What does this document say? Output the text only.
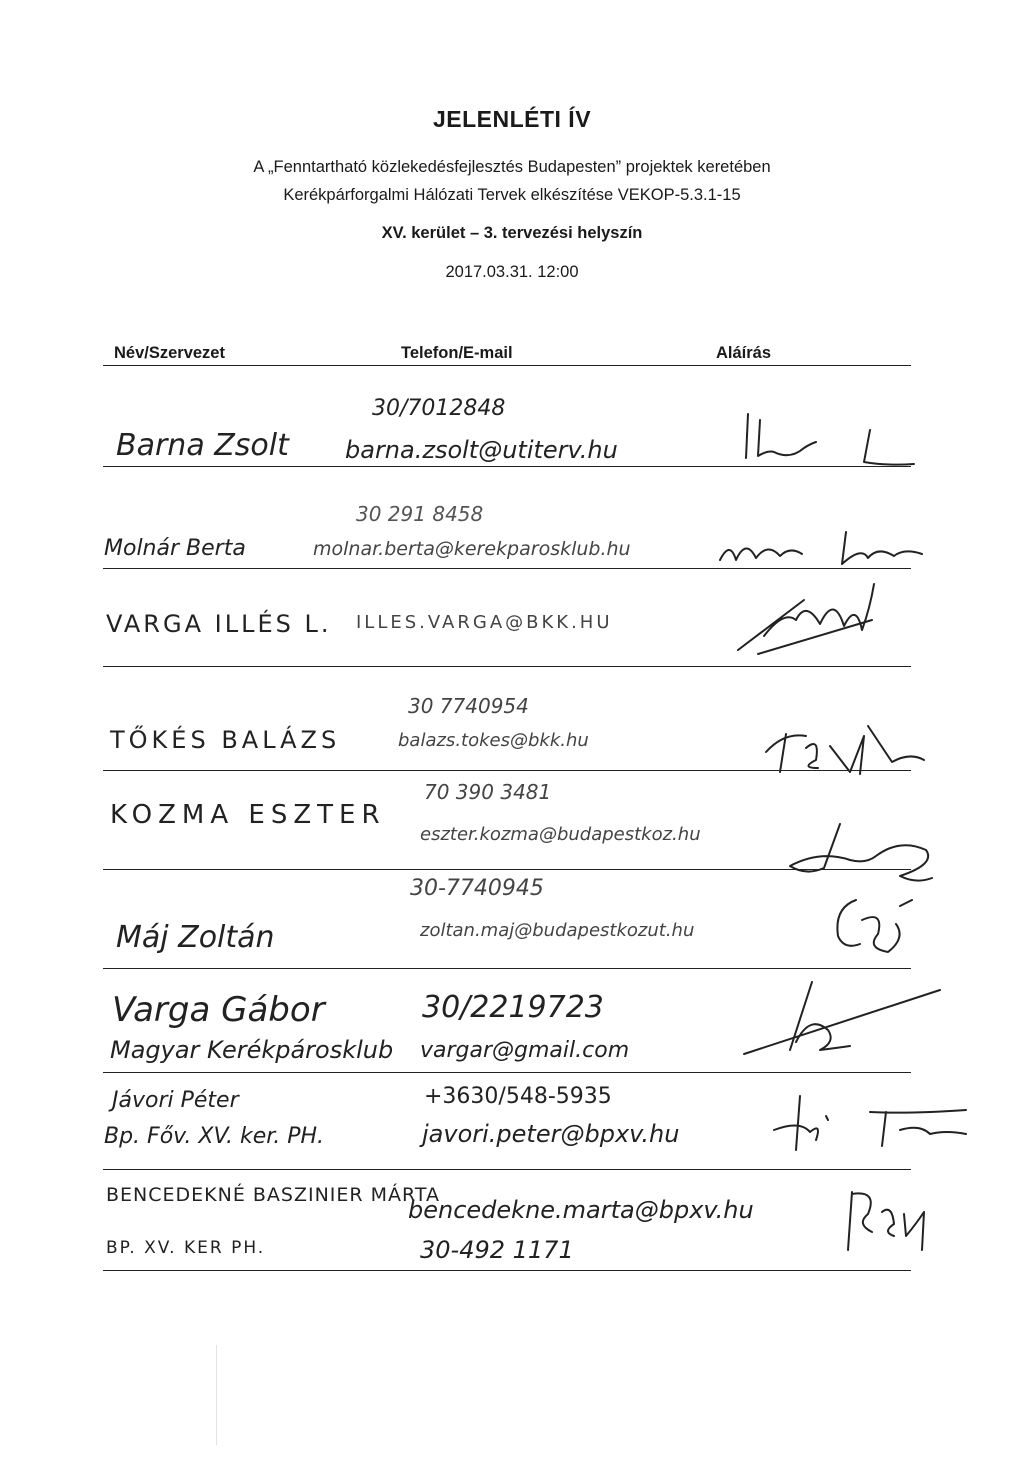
JELENLÉTI ÍV
A „Fenntartható közlekedésfejlesztés Budapesten” projektek keretében
Kerékpárforgalmi Hálózati Tervek elkészítése VEKOP-5.3.1-15
XV. kerület – 3. tervezési helyszín
2017.03.31. 12:00
Név/Szervezet	Telefon/E-mail	Aláírás
Barna Zsolt
30/7012848
barna.zsolt@utiterv.hu
Molnár Berta
30 291 8458
molnar.berta@kerekparosklub.hu
VARGA ILLÉS L. ILLES.VARGA@BKK.HU
TŐKÉS BALÁZS
30 7740954
balazs.tokes@bkk.hu
KOZMA ESZTER
70 390 3481
eszter.kozma@budapestkoz.hu
Máj Zoltán
30-7740945
zoltan.maj@budapestkozut.hu
Varga Gábor
Magyar Kerékpárosklub
30/2219723
vargar@gmail.com
Jávori Péter
Bp. Főv. XV. ker. PH.
+3630/548-5935
javori.peter@bpxv.hu
BENCEDEKNÉ BASZINIER MÁRTA
BP. XV. KER PH.
bencedekne.marta@bpxv.hu
30-492 1171
